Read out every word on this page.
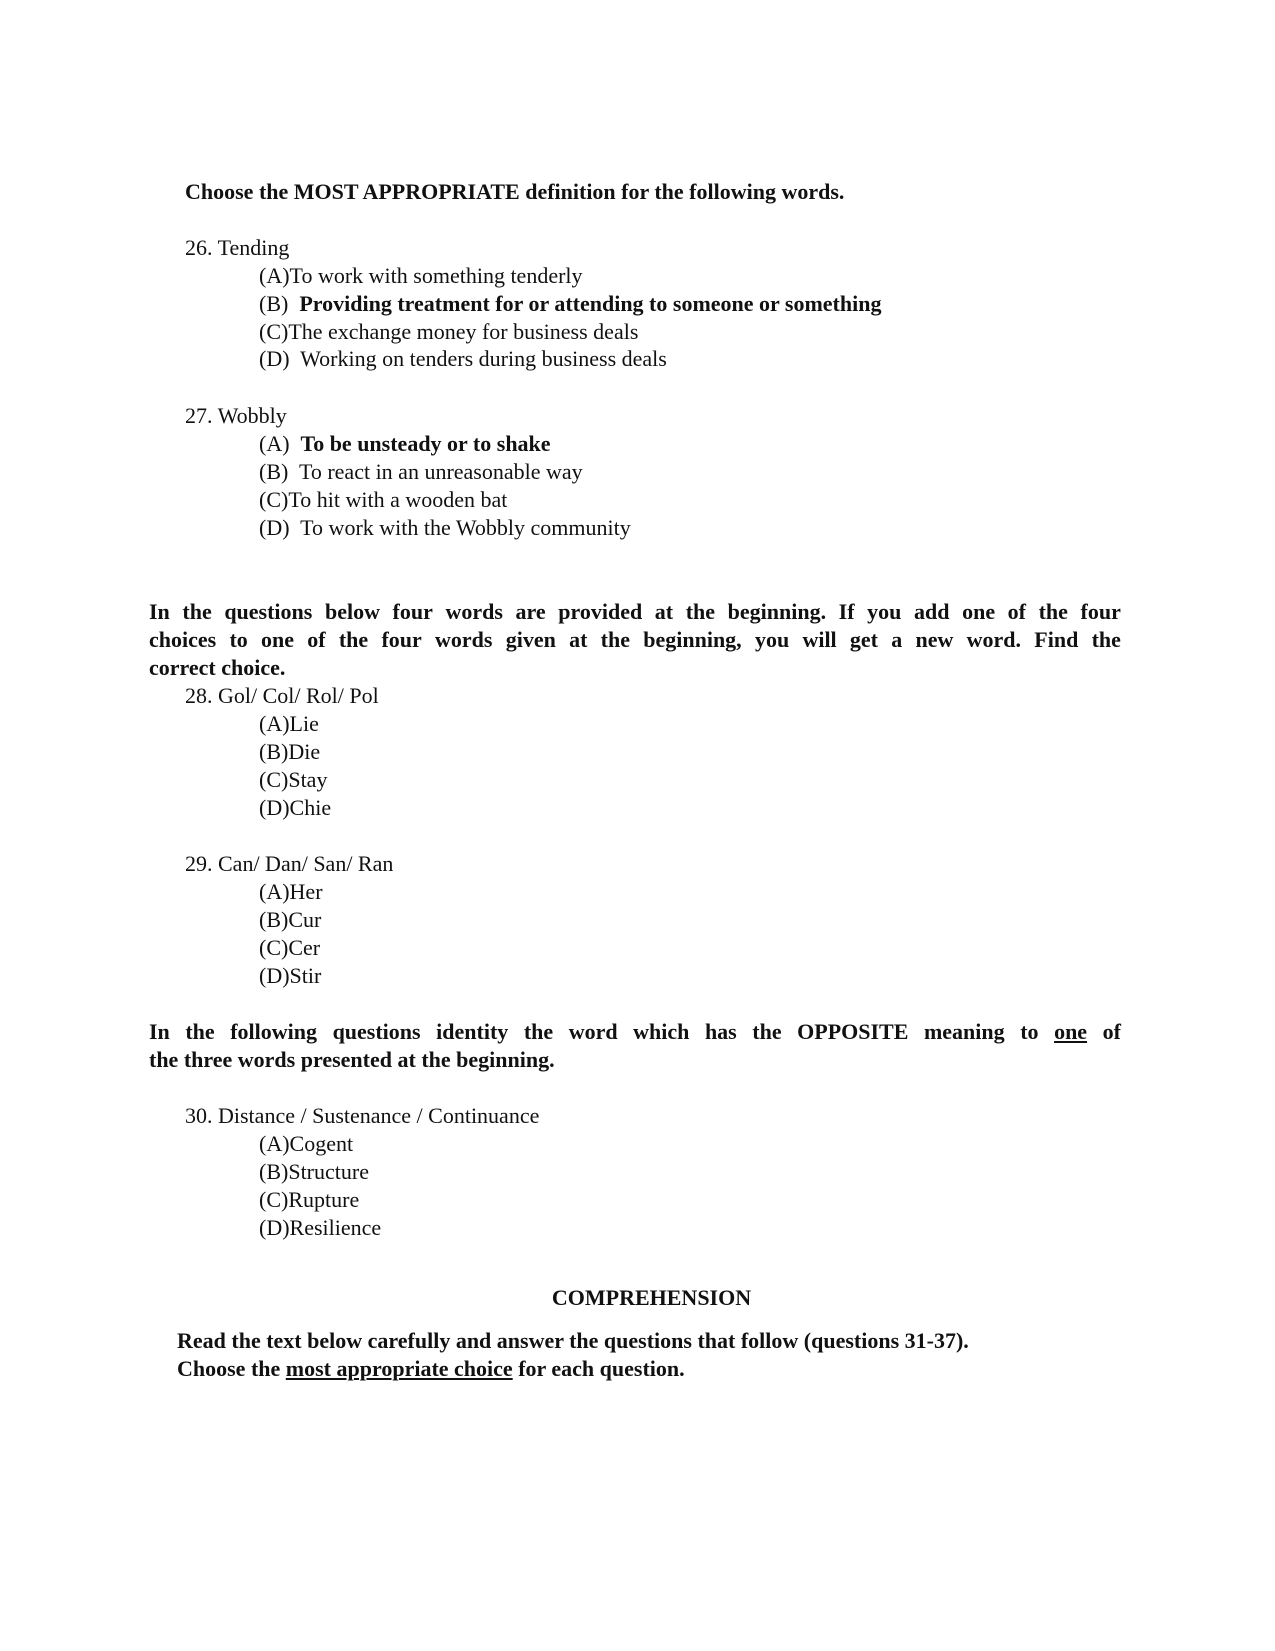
Choose the MOST APPROPRIATE definition for the following words.
26. Tending
(A)To work with something tenderly
(B) Providing treatment for or attending to someone or something
(C)The exchange money for business deals
(D) Working on tenders during business deals
27. Wobbly
(A) To be unsteady or to shake
(B) To react in an unreasonable way
(C)To hit with a wooden bat
(D) To work with the Wobbly community
In the questions below four words are provided at the beginning. If you add one of the four
choices to one of the four words given at the beginning, you will get a new word. Find the
correct choice.
28. Gol/ Col/ Rol/ Pol
(A)Lie
(B)Die
(C)Stay
(D)Chie
29. Can/ Dan/ San/ Ran
(A)Her
(B)Cur
(C)Cer
(D)Stir
In the following questions identity the word which has the OPPOSITE meaning to one of
the three words presented at the beginning.
30. Distance / Sustenance / Continuance
(A)Cogent
(B)Structure
(C)Rupture
(D)Resilience
COMPREHENSION
Read the text below carefully and answer the questions that follow (questions 31-37).
Choose the most appropriate choice for each question.
